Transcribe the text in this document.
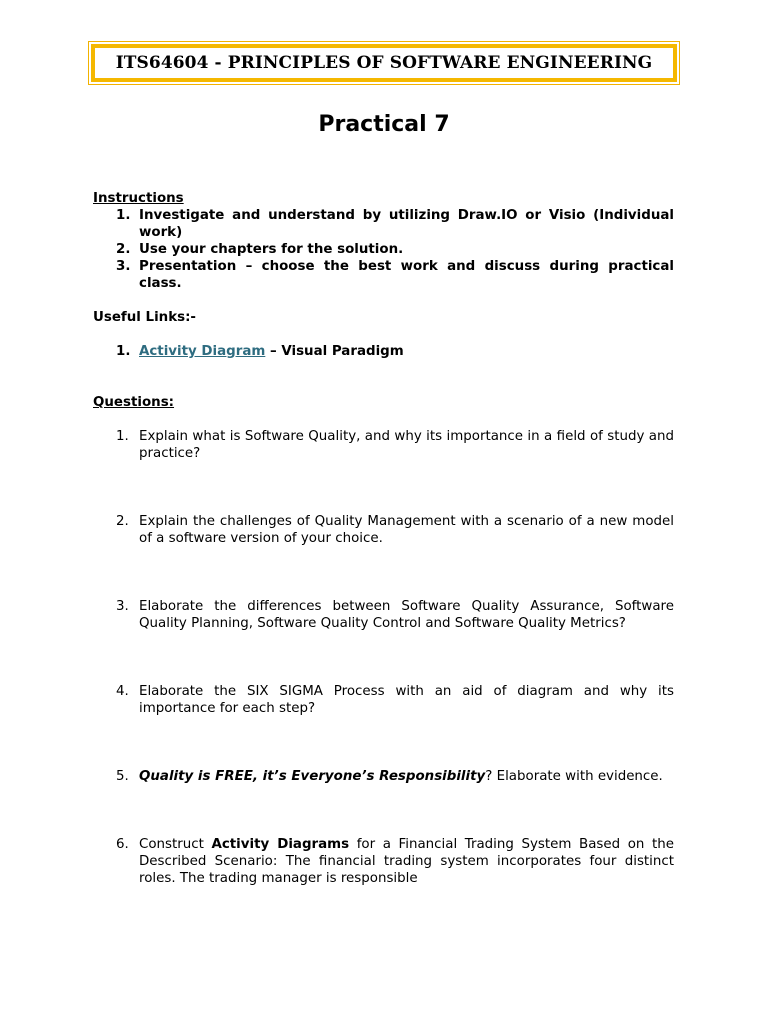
ITS64604 - PRINCIPLES OF SOFTWARE ENGINEERING
Practical 7
Instructions
1. Investigate and understand by utilizing Draw.IO or Visio (Individual work)
2. Use your chapters for the solution.
3. Presentation – choose the best work and discuss during practical class.
Useful Links:-
1. Activity Diagram – Visual Paradigm
Questions:
1. Explain what is Software Quality, and why its importance in a field of study and practice?
2. Explain the challenges of Quality Management with a scenario of a new model of a software version of your choice.
3. Elaborate the differences between Software Quality Assurance, Software Quality Planning, Software Quality Control and Software Quality Metrics?
4. Elaborate the SIX SIGMA Process with an aid of diagram and why its importance for each step?
5. Quality is FREE, it’s Everyone’s Responsibility? Elaborate with evidence.
6. Construct Activity Diagrams for a Financial Trading System Based on the Described Scenario: The financial trading system incorporates four distinct roles. The trading manager is responsible
